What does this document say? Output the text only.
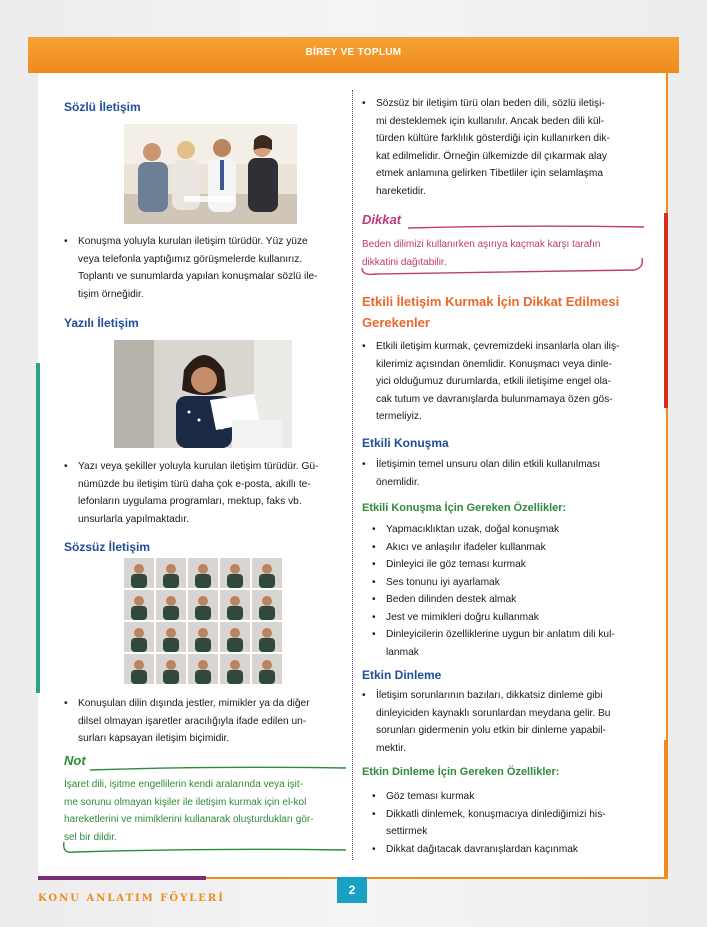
BİREY VE TOPLUM
Sözlü İletişim
• Konuşma yoluyla kurulan iletişim türüdür. Yüz yüze
veya telefonla yaptığımız görüşmelerde kullanırız.
Toplantı ve sunumlarda yapılan konuşmalar sözlü ile-
tişim örneğidir.
Yazılı İletişim
• Yazı veya şekiller yoluyla kurulan iletişim türüdür. Gü-
nümüzde bu iletişim türü daha çok e-posta, akıllı te-
lefonların uygulama programları, mektup, faks vb.
unsurlarla yapılmaktadır.
Sözsüz İletişim
• Konuşulan dilin dışında jestler, mimikler ya da diğer
dilsel olmayan işaretler aracılığıyla ifade edilen un-
surları kapsayan iletişim biçimidir.
Not
İşaret dili, işitme engellilerin kendi aralarında veya işit-
me sorunu olmayan kişiler ile iletişim kurmak için el-kol
hareketlerini ve mimiklerini kullanarak oluşturdukları gör-
sel bir dildir.
• Sözsüz bir iletişim türü olan beden dili, sözlü iletişi-
mi desteklemek için kullanılır. Ancak beden dili kül-
türden kültüre farklılık gösterdiği için kullanırken dik-
kat edilmelidir. Örneğin ülkemizde dil çıkarmak alay
etmek anlamına gelirken Tibetliler için selamlaşma
hareketidir.
Dikkat
Beden dilimizi kullanırken aşırıya kaçmak karşı tarafın
dikkatini dağıtabilir.
Etkili İletişim Kurmak İçin Dikkat Edilmesi
Gerekenler
• Etkili iletişim kurmak, çevremizdeki insanlarla olan iliş-
kilerimiz açısından önemlidir. Konuşmacı veya dinle-
yici olduğumuz durumlarda, etkili iletişime engel ola-
cak tutum ve davranışlarda bulunmamaya özen gös-
termeliyiz.
Etkili Konuşma
• İletişimin temel unsuru olan dilin etkili kullanılması
önemlidir.
Etkili Konuşma İçin Gereken Özellikler:
• Yapmacıklıktan uzak, doğal konuşmak
• Akıcı ve anlaşılır ifadeler kullanmak
• Dinleyici ile göz teması kurmak
• Ses tonunu iyi ayarlamak
• Beden dilinden destek almak
• Jest ve mimikleri doğru kullanmak
• Dinleyicilerin özelliklerine uygun bir anlatım dili kul-
lanmak
Etkin Dinleme
• İletişim sorunlarının bazıları, dikkatsiz dinleme gibi
dinleyiciden kaynaklı sorunlardan meydana gelir. Bu
sorunları gidermenin yolu etkin bir dinleme yapabil-
mektir.
Etkin Dinleme İçin Gereken Özellikler:
• Göz teması kurmak
• Dikkatli dinlemek, konuşmacıya dinlediğimizi his-
settirmek
• Dikkat dağıtacak davranışlardan kaçınmak
KONU ANLATIM FÖYLERİ
2
